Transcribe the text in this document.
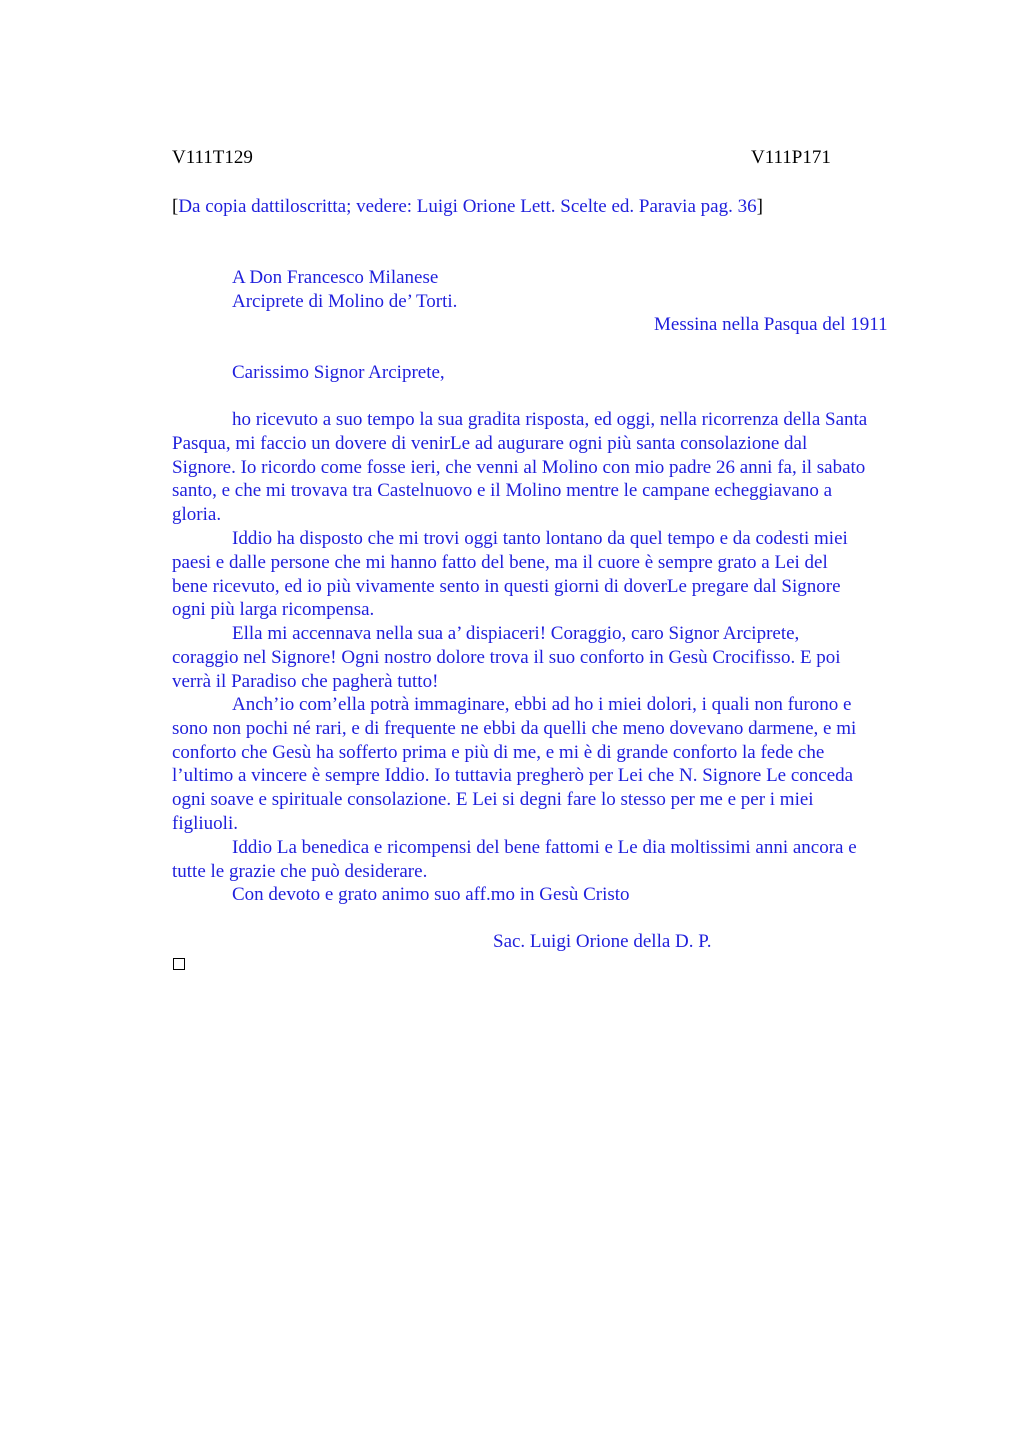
V111T129	V111P171
[Da copia dattiloscritta; vedere: Luigi Orione Lett. Scelte ed. Paravia pag. 36]
A Don Francesco Milanese
Arciprete di Molino de’ Torti.
Messina nella Pasqua del 1911
Carissimo Signor Arciprete,
ho ricevuto a suo tempo la sua gradita risposta, ed oggi, nella ricorrenza della Santa
Pasqua, mi faccio un dovere di venirLe ad augurare ogni più santa consolazione dal
Signore. Io ricordo come fosse ieri, che venni al Molino con mio padre 26 anni fa, il sabato
santo, e che mi trovava tra Castelnuovo e il Molino mentre le campane echeggiavano a
gloria.
Iddio ha disposto che mi trovi oggi tanto lontano da quel tempo e da codesti miei
paesi e dalle persone che mi hanno fatto del bene, ma il cuore è sempre grato a Lei del
bene ricevuto, ed io più vivamente sento in questi giorni di doverLe pregare dal Signore
ogni più larga ricompensa.
Ella mi accennava nella sua a’ dispiaceri! Coraggio, caro Signor Arciprete,
coraggio nel Signore! Ogni nostro dolore trova il suo conforto in Gesù Crocifisso. E poi
verrà il Paradiso che pagherà tutto!
Anch’io com’ella potrà immaginare, ebbi ad ho i miei dolori, i quali non furono e
sono non pochi né rari, e di frequente ne ebbi da quelli che meno dovevano darmene, e mi
conforto che Gesù ha sofferto prima e più di me, e mi è di grande conforto la fede che
l’ultimo a vincere è sempre Iddio. Io tuttavia pregherò per Lei che N. Signore Le conceda
ogni soave e spirituale consolazione. E Lei si degni fare lo stesso per me e per i miei
figliuoli.
Iddio La benedica e ricompensi del bene fattomi e Le dia moltissimi anni ancora e
tutte le grazie che può desiderare.
Con devoto e grato animo suo aff.mo in Gesù Cristo
Sac. Luigi Orione della D. P.
